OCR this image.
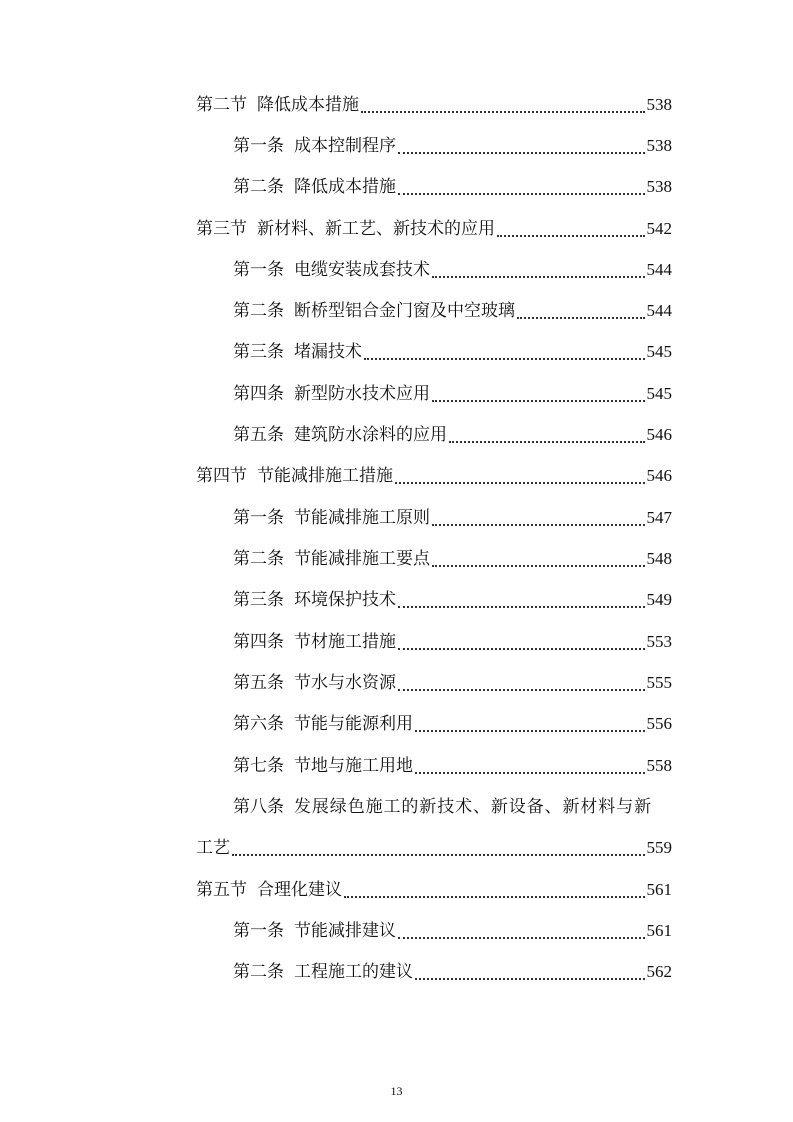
第二节 降低成本措施	538
第一条 成本控制程序	538
第二条 降低成本措施	538
第三节 新材料、新工艺、新技术的应用	542
第一条 电缆安装成套技术	544
第二条 断桥型铝合金门窗及中空玻璃	544
第三条 堵漏技术	545
第四条 新型防水技术应用	545
第五条 建筑防水涂料的应用	546
第四节 节能减排施工措施	546
第一条 节能减排施工原则	547
第二条 节能减排施工要点	548
第三条 环境保护技术	549
第四条 节材施工措施	553
第五条 节水与水资源	555
第六条 节能与能源利用	556
第七条 节地与施工用地	558
第八条 发展绿色施工的新技术、新设备、新材料与新
工艺	559
第五节 合理化建议	561
第一条 节能减排建议	561
第二条 工程施工的建议	562
13
